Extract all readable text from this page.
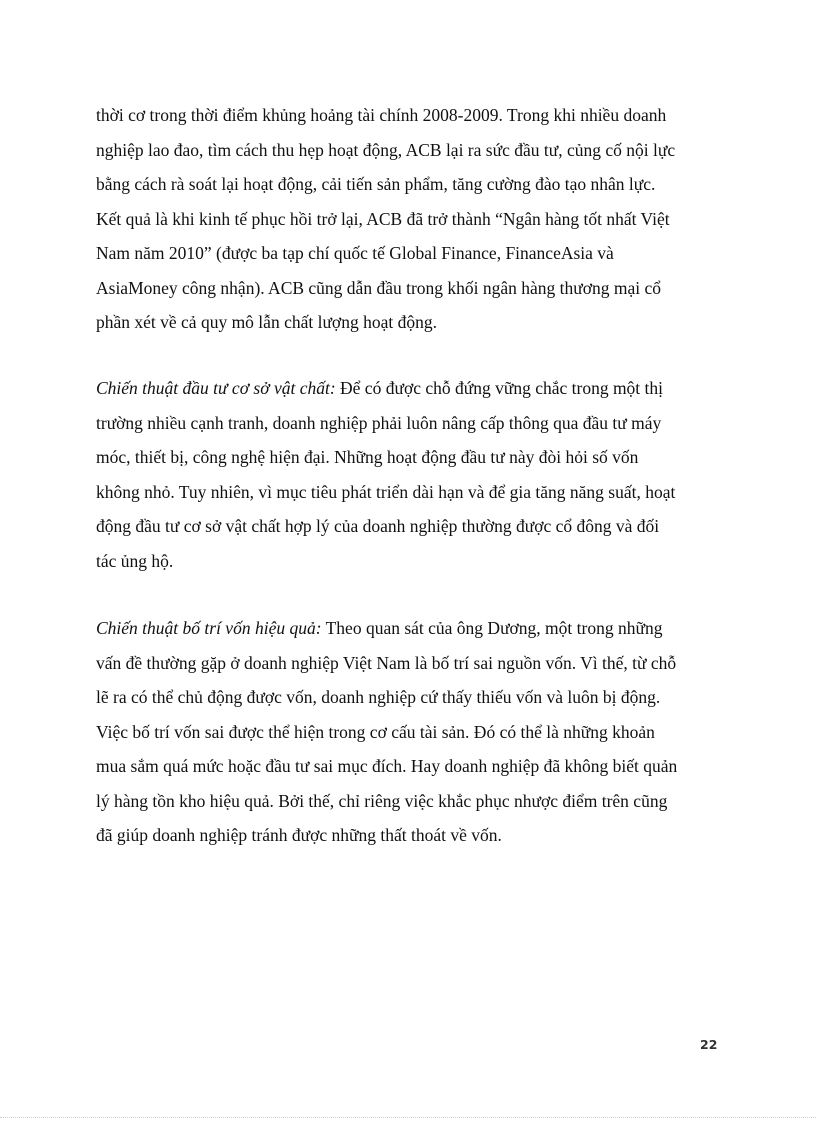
thời cơ trong thời điểm khủng hoảng tài chính 2008-2009. Trong khi nhiều doanh
nghiệp lao đao, tìm cách thu hẹp hoạt động, ACB lại ra sức đầu tư, củng cố nội lực
bằng cách rà soát lại hoạt động, cải tiến sản phẩm, tăng cường đào tạo nhân lực.
Kết quả là khi kinh tế phục hồi trở lại, ACB đã trở thành “Ngân hàng tốt nhất Việt
Nam năm 2010” (được ba tạp chí quốc tế Global Finance, FinanceAsia và
AsiaMoney công nhận). ACB cũng dẫn đầu trong khối ngân hàng thương mại cổ
phần xét về cả quy mô lẫn chất lượng hoạt động.
Chiến thuật đầu tư cơ sở vật chất: Để có được chỗ đứng vững chắc trong một thị
trường nhiều cạnh tranh, doanh nghiệp phải luôn nâng cấp thông qua đầu tư máy
móc, thiết bị, công nghệ hiện đại. Những hoạt động đầu tư này đòi hỏi số vốn
không nhỏ. Tuy nhiên, vì mục tiêu phát triển dài hạn và để gia tăng năng suất, hoạt
động đầu tư cơ sở vật chất hợp lý của doanh nghiệp thường được cổ đông và đối
tác ủng hộ.
Chiến thuật bố trí vốn hiệu quả: Theo quan sát của ông Dương, một trong những
vấn đề thường gặp ở doanh nghiệp Việt Nam là bố trí sai nguồn vốn. Vì thế, từ chỗ
lẽ ra có thể chủ động được vốn, doanh nghiệp cứ thấy thiếu vốn và luôn bị động.
Việc bố trí vốn sai được thể hiện trong cơ cấu tài sản. Đó có thể là những khoản
mua sắm quá mức hoặc đầu tư sai mục đích. Hay doanh nghiệp đã không biết quản
lý hàng tồn kho hiệu quả. Bởi thế, chỉ riêng việc khắc phục nhược điểm trên cũng
đã giúp doanh nghiệp tránh được những thất thoát về vốn.
22
